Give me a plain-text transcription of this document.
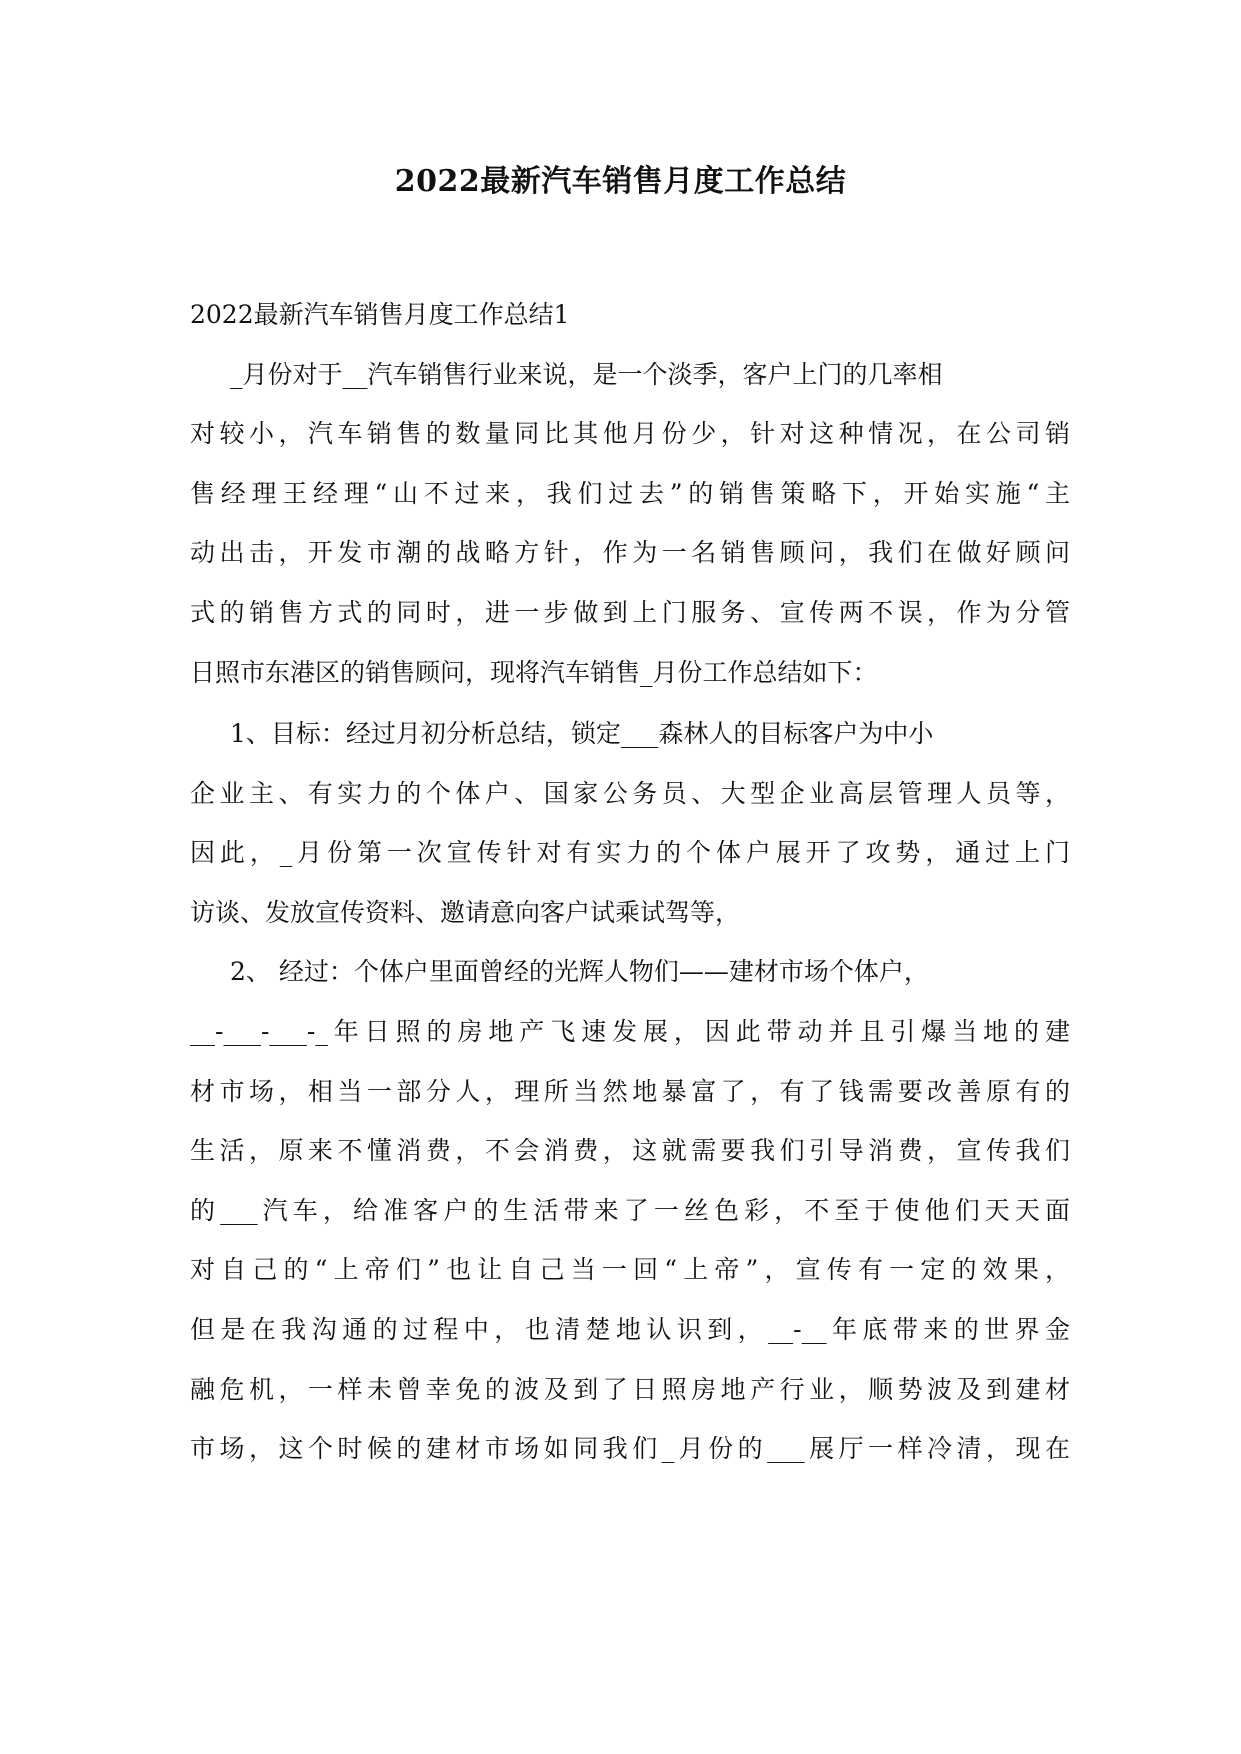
2022最新汽车销售月度工作总结
2022最新汽车销售月度工作总结1
_月份对于__汽车销售行业来说，是一个淡季，客户上门的几率相
对较小，汽车销售的数量同比其他月份少，针对这种情况，在公司销
售经理王经理“山不过来，我们过去”的销售策略下，开始实施“主
动出击，开发市潮的战略方针，作为一名销售顾问，我们在做好顾问
式的销售方式的同时，进一步做到上门服务、宣传两不误，作为分管
日照市东港区的销售顾问，现将汽车销售_月份工作总结如下：
1、目标：经过月初分析总结，锁定___森林人的目标客户为中小
企业主、有实力的个体户、国家公务员、大型企业高层管理人员等，
因此，_月份第一次宣传针对有实力的个体户展开了攻势，通过上门
访谈、发放宣传资料、邀请意向客户试乘试驾等，
2、 经过：个体户里面曾经的光辉人物们——建材市场个体户，
__-___-___-_年日照的房地产飞速发展，因此带动并且引爆当地的建
材市场，相当一部分人，理所当然地暴富了，有了钱需要改善原有的
生活，原来不懂消费，不会消费，这就需要我们引导消费，宣传我们
的___汽车，给准客户的生活带来了一丝色彩，不至于使他们天天面
对自己的“上帝们”也让自己当一回“上帝”，宣传有一定的效果，
但是在我沟通的过程中，也清楚地认识到，__-__年底带来的世界金
融危机，一样未曾幸免的波及到了日照房地产行业，顺势波及到建材
市场，这个时候的建材市场如同我们_月份的___展厅一样冷清，现在
